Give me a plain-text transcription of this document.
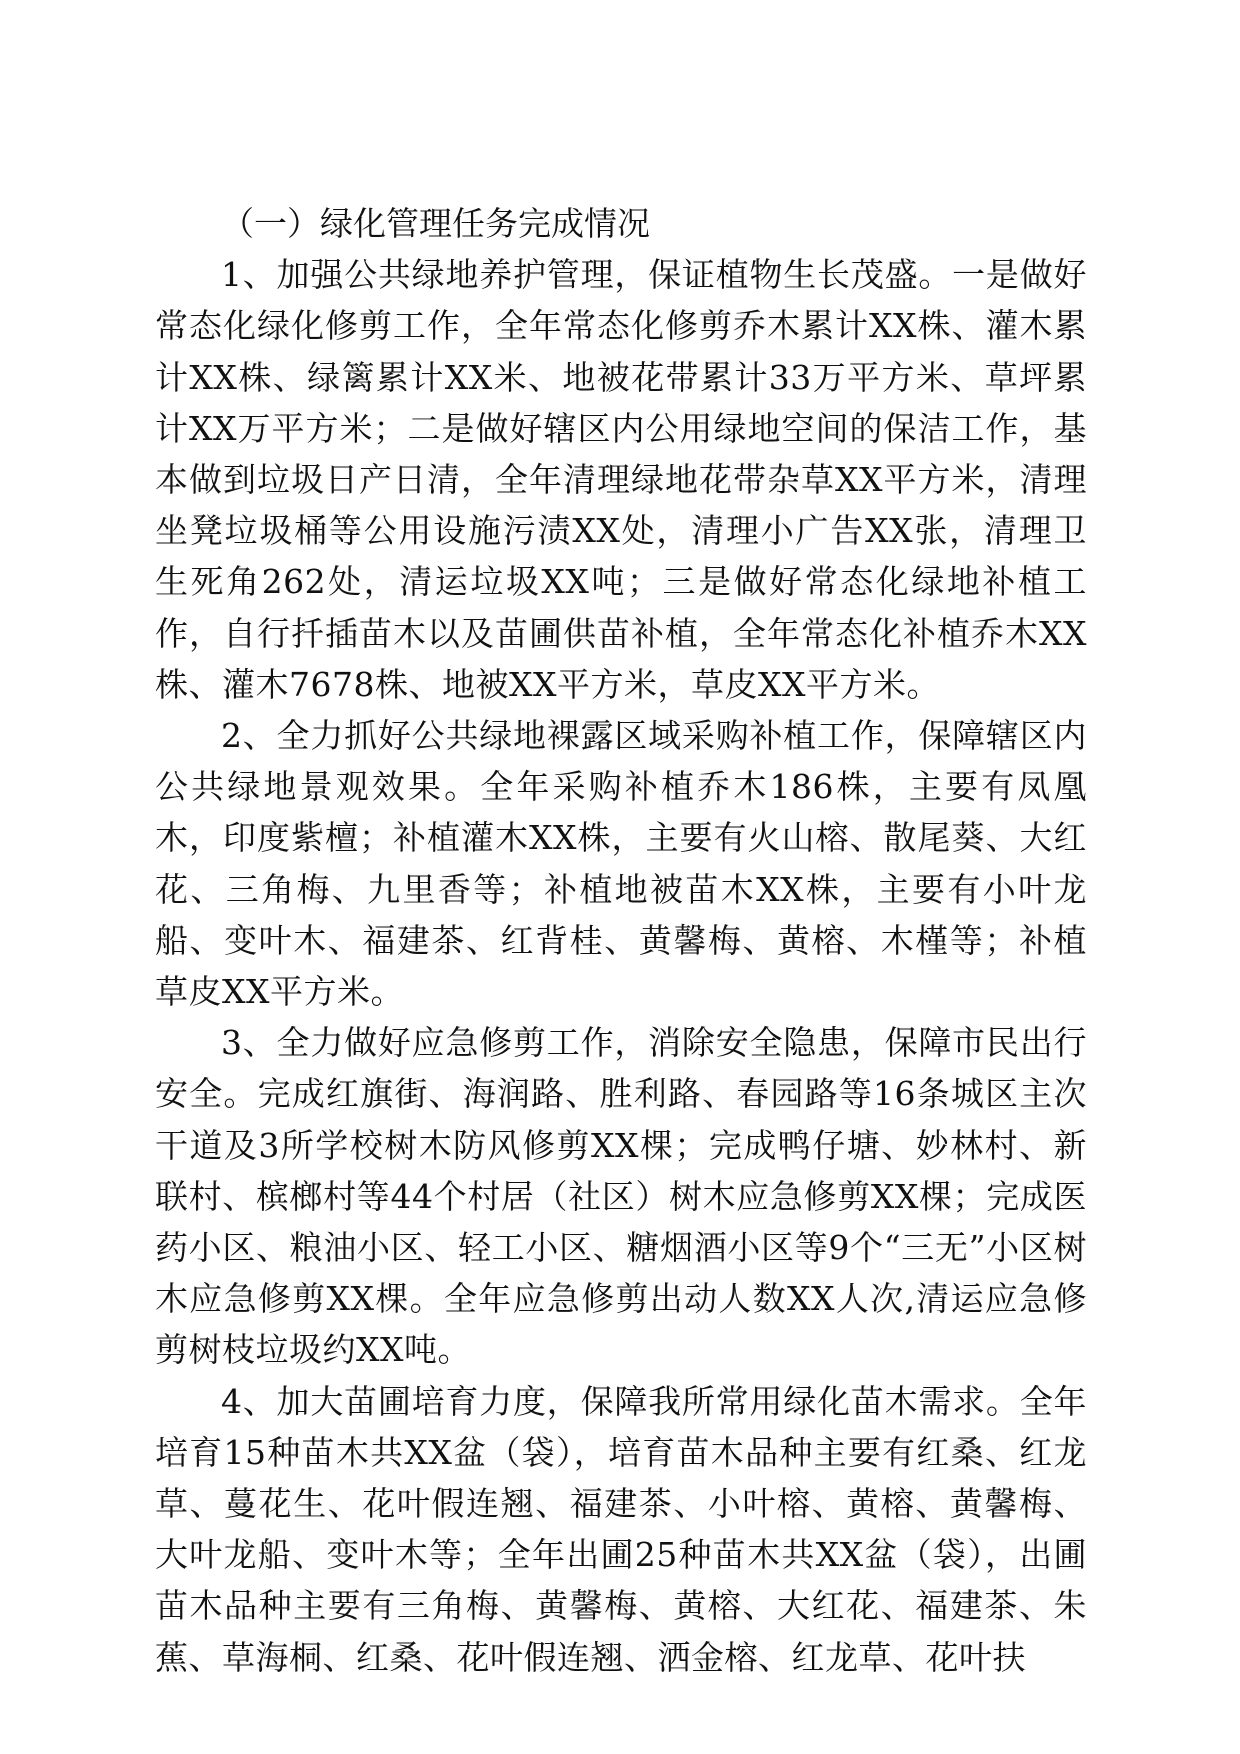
（一）绿化管理任务完成情况

1、加强公共绿地养护管理，保证植物生长茂盛。一是做好常态化绿化修剪工作，全年常态化修剪乔木累计XX株、灌木累计XX株、绿篱累计XX米、地被花带累计33万平方米、草坪累计XX万平方米；二是做好辖区内公用绿地空间的保洁工作，基本做到垃圾日产日清，全年清理绿地花带杂草XX平方米，清理坐凳垃圾桶等公用设施污渍XX处，清理小广告XX张，清理卫生死角262处，清运垃圾XX吨；三是做好常态化绿地补植工作，自行扦插苗木以及苗圃供苗补植，全年常态化补植乔木XX株、灌木7678株、地被XX平方米，草皮XX平方米。

2、全力抓好公共绿地裸露区域采购补植工作，保障辖区内公共绿地景观效果。全年采购补植乔木186株，主要有凤凰木，印度紫檀；补植灌木XX株，主要有火山榕、散尾葵、大红花、三角梅、九里香等；补植地被苗木XX株，主要有小叶龙船、变叶木、福建茶、红背桂、黄馨梅、黄榕、木槿等；补植草皮XX平方米。

3、全力做好应急修剪工作，消除安全隐患，保障市民出行安全。完成红旗街、海润路、胜利路、春园路等16条城区主次干道及3所学校树木防风修剪XX棵；完成鸭仔塘、妙林村、新联村、槟榔村等44个村居（社区）树木应急修剪XX棵；完成医药小区、粮油小区、轻工小区、糖烟酒小区等9个“三无”小区树木应急修剪XX棵。全年应急修剪出动人数XX人次,清运应急修剪树枝垃圾约XX吨。

4、加大苗圃培育力度，保障我所常用绿化苗木需求。全年培育15种苗木共XX盆（袋），培育苗木品种主要有红桑、红龙草、蔓花生、花叶假连翘、福建茶、小叶榕、黄榕、黄馨梅、大叶龙船、变叶木等；全年出圃25种苗木共XX盆（袋），出圃苗木品种主要有三角梅、黄馨梅、黄榕、大红花、福建茶、朱蕉、草海桐、红桑、花叶假连翘、洒金榕、红龙草、花叶扶
